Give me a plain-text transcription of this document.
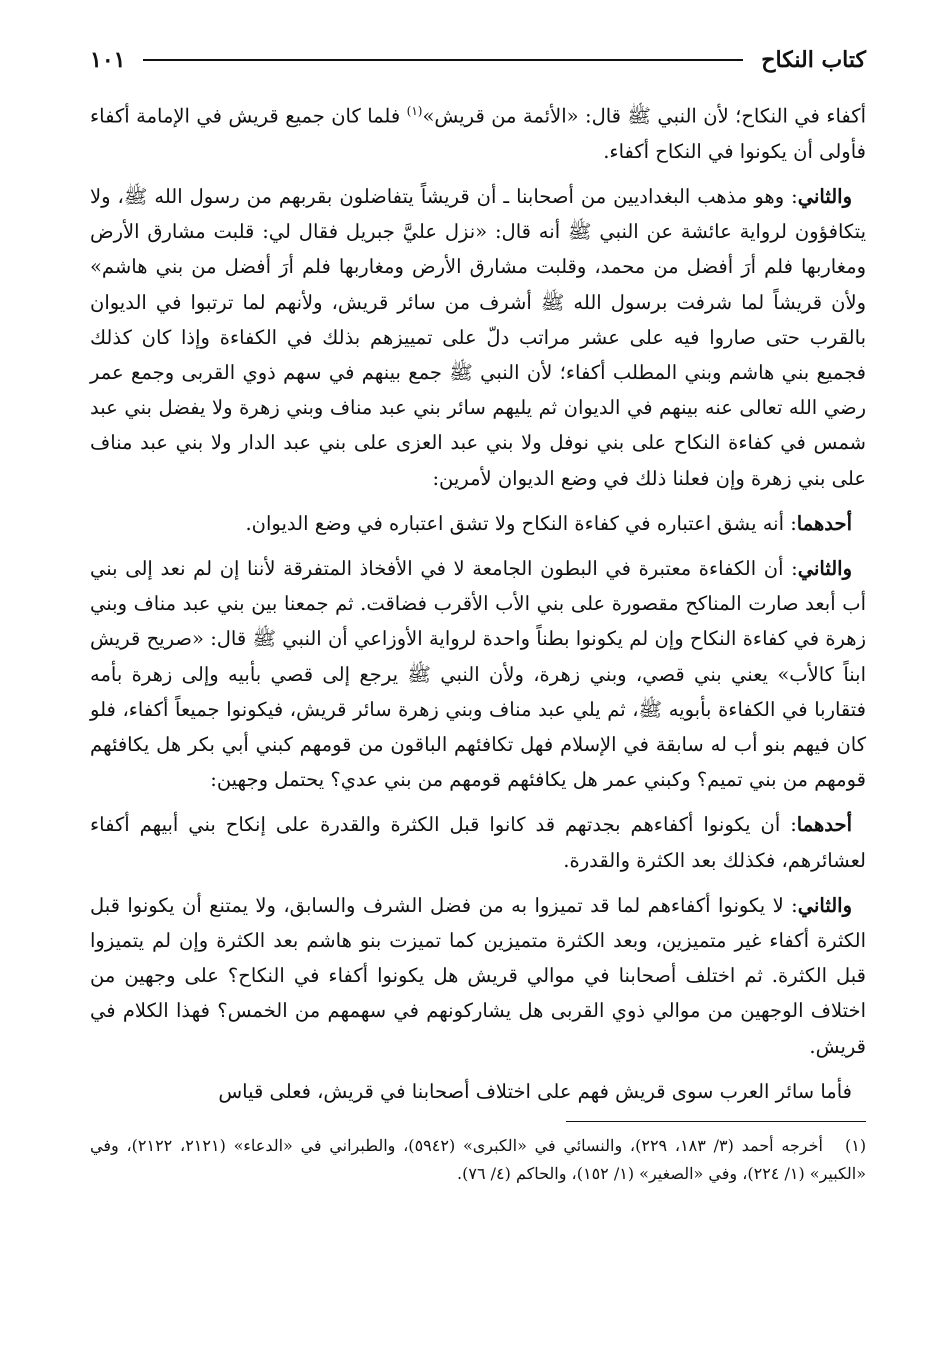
كتاب النكاح
١٠١

أكفاء في النكاح؛ لأن النبي ﷺ قال: «الأئمة من قريش»$^{(١)}$ فلما كان جميع قريش في الإمامة أكفاء فأولى أن يكونوا في النكاح أكفاء.

والثاني: وهو مذهب البغداديين من أصحابنا ـ أن قريشاً يتفاضلون بقربهم من رسول الله ﷺ، ولا يتكافؤون لرواية عائشة عن النبي ﷺ أنه قال: «نزل عليَّ جبريل فقال لي: قلبت مشارق الأرض ومغاربها فلم أرَ أفضل من محمد، وقلبت مشارق الأرض ومغاربها فلم أرَ أفضل من بني هاشم» ولأن قريشاً لما شرفت برسول الله ﷺ أشرف من سائر قريش، ولأنهم لما ترتبوا في الديوان بالقرب حتى صاروا فيه على عشر مراتب دلّ على تمييزهم بذلك في الكفاءة وإذا كان كذلك فجميع بني هاشم وبني المطلب أكفاء؛ لأن النبي ﷺ جمع بينهم في سهم ذوي القربى وجمع عمر رضي الله تعالى عنه بينهم في الديوان ثم يليهم سائر بني عبد مناف وبني زهرة ولا يفضل بني عبد شمس في كفاءة النكاح على بني نوفل ولا بني عبد العزى على بني عبد الدار ولا بني عبد مناف على بني زهرة وإن فعلنا ذلك في وضع الديوان لأمرين:

أحدهما: أنه يشق اعتباره في كفاءة النكاح ولا تشق اعتباره في وضع الديوان.

والثاني: أن الكفاءة معتبرة في البطون الجامعة لا في الأفخاذ المتفرقة لأننا إن لم نعد إلى بني أب أبعد صارت المناكح مقصورة على بني الأب الأقرب فضاقت. ثم جمعنا بين بني عبد مناف وبني زهرة في كفاءة النكاح وإن لم يكونوا بطناً واحدة لرواية الأوزاعي أن النبي ﷺ قال: «صريح قريش ابناً كالأب» يعني بني قصي، وبني زهرة، ولأن النبي ﷺ يرجع إلى قصي بأبيه وإلى زهرة بأمه فتقاربا في الكفاءة بأبويه ﷺ، ثم يلي عبد مناف وبني زهرة سائر قريش، فيكونوا جميعاً أكفاء، فلو كان فيهم بنو أب له سابقة في الإسلام فهل تكافئهم الباقون من قومهم كبني أبي بكر هل يكافئهم قومهم من بني تميم؟ وكبني عمر هل يكافئهم قومهم من بني عدي؟ يحتمل وجهين:

أحدهما: أن يكونوا أكفاءهم بجدتهم قد كانوا قبل الكثرة والقدرة على إنكاح بني أبيهم أكفاء لعشائرهم، فكذلك بعد الكثرة والقدرة.

والثاني: لا يكونوا أكفاءهم لما قد تميزوا به من فضل الشرف والسابق، ولا يمتنع أن يكونوا قبل الكثرة أكفاء غير متميزين، وبعد الكثرة متميزين كما تميزت بنو هاشم بعد الكثرة وإن لم يتميزوا قبل الكثرة. ثم اختلف أصحابنا في موالي قريش هل يكونوا أكفاء في النكاح؟ على وجهين من اختلاف الوجهين من موالي ذوي القربى هل يشاركونهم في سهمهم من الخمس؟ فهذا الكلام في قريش.

فأما سائر العرب سوى قريش فهم على اختلاف أصحابنا في قريش، فعلى قياس

(١)أخرجه أحمد (٣/ ١٨٣، ٢٢٩)، والنسائي في «الكبرى» (٥٩٤٢)، والطبراني في «الدعاء» (٢١٢١، ٢١٢٢)، وفي «الكبير» (١/ ٢٢٤)، وفي «الصغير» (١/ ١٥٢)، والحاكم (٤/ ٧٦).
